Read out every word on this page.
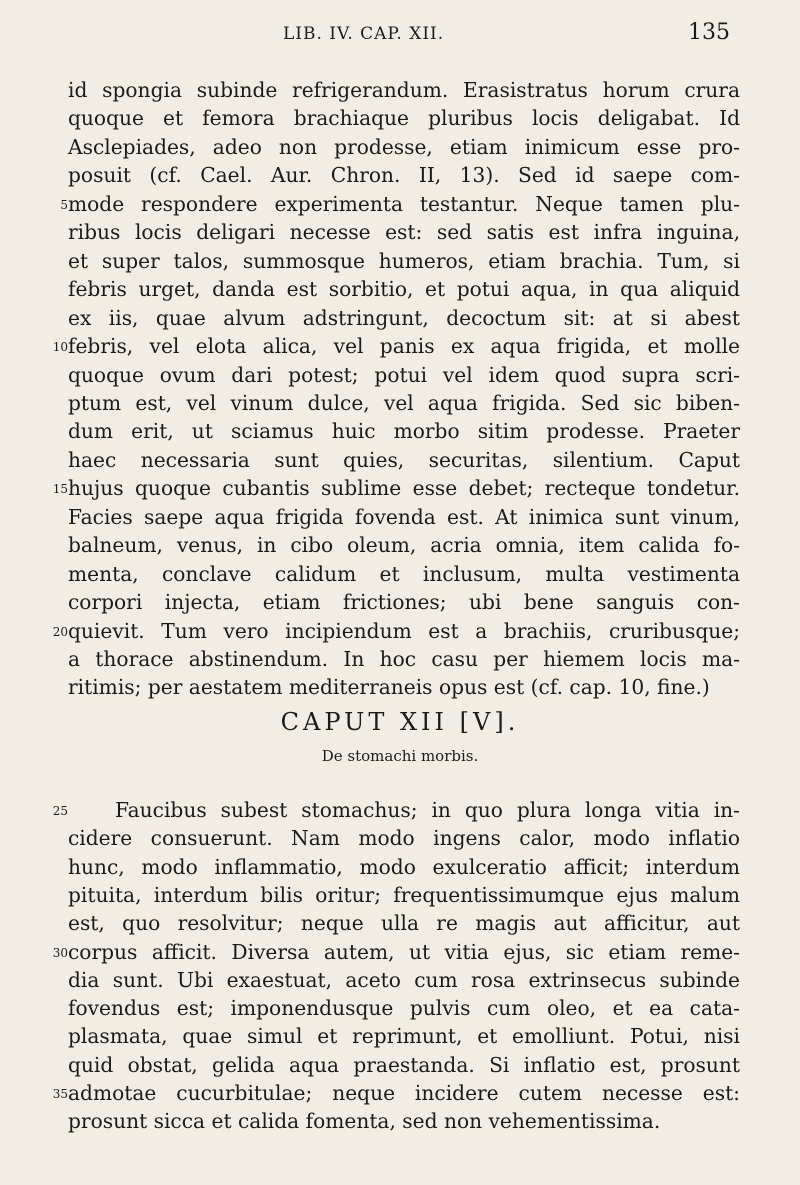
LIB. IV. CAP. XII.	135
id spongia subinde refrigerandum. Erasistratus horum crura
quoque et femora brachiaque pluribus locis deligabat. Id
Asclepiades, adeo non prodesse, etiam inimicum esse pro-
posuit (cf. Cael. Aur. Chron. II, 13). Sed id saepe com-
5 mode respondere experimenta testantur. Neque tamen plu-
ribus locis deligari necesse est: sed satis est infra inguina,
et super talos, summosque humeros, etiam brachia. Tum, si
febris urget, danda est sorbitio, et potui aqua, in qua aliquid
ex iis, quae alvum adstringunt, decoctum sit: at si abest
10 febris, vel elota alica, vel panis ex aqua frigida, et molle
quoque ovum dari potest; potui vel idem quod supra scri-
ptum est, vel vinum dulce, vel aqua frigida. Sed sic biben-
dum erit, ut sciamus huic morbo sitim prodesse. Praeter
haec necessaria sunt quies, securitas, silentium. Caput
15 hujus quoque cubantis sublime esse debet; recteque tondetur.
Facies saepe aqua frigida fovenda est. At inimica sunt vinum,
balneum, venus, in cibo oleum, acria omnia, item calida fo-
menta, conclave calidum et inclusum, multa vestimenta
corpori injecta, etiam frictiones; ubi bene sanguis con-
20 quievit. Tum vero incipiendum est a brachiis, cruribusque;
a thorace abstinendum. In hoc casu per hiemem locis ma-
ritimis; per aestatem mediterraneis opus est (cf. cap. 10, fine.)
CAPUT XII [V].
De stomachi morbis.
25 Faucibus subest stomachus; in quo plura longa vitia in-
cidere consuerunt. Nam modo ingens calor, modo inflatio
hunc, modo inflammatio, modo exulceratio afficit; interdum
pituita, interdum bilis oritur; frequentissimumque ejus malum
est, quo resolvitur; neque ulla re magis aut afficitur, aut
30 corpus afficit. Diversa autem, ut vitia ejus, sic etiam reme-
dia sunt. Ubi exaestuat, aceto cum rosa extrinsecus subinde
fovendus est; imponendusque pulvis cum oleo, et ea cata-
plasmata, quae simul et reprimunt, et emolliunt. Potui, nisi
quid obstat, gelida aqua praestanda. Si inflatio est, prosunt
35 admotae cucurbitulae; neque incidere cutem necesse est:
prosunt sicca et calida fomenta, sed non vehementissima.
